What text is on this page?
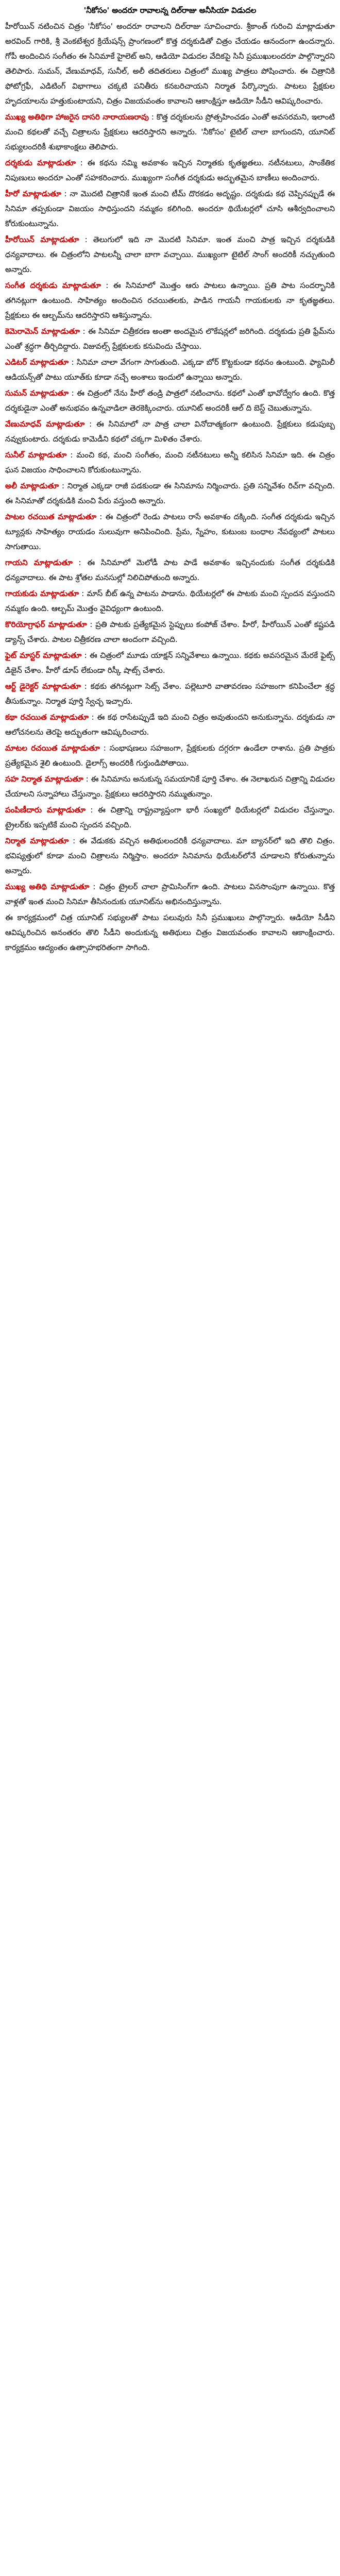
'నీకోసం' అందరూ రావాలన్న దిల్‌రాజు అనీసియా విడుదల

హీరోయిన్ నటించిన చిత్రం 'నీకోసం' అందరూ రావాలని దిల్‌రాజు సూచించారు. శ్రీకాంత్ గురించి మాట్లాడుతూ అరవింద్ గారికి, శ్రీ వెంకటేశ్వర క్రియేషన్స్ ప్రాంగణంలో కొత్త దర్శకుడితో చిత్రం చేయడం ఆనందంగా ఉందన్నారు. గోపీ అందించిన సంగీతం ఈ సినిమాకే హైలెట్ అని, ఆడియో విడుదల వేదికపై సినీ ప్రముఖులందరూ పాల్గొన్నారని తెలిపారు. సుమన్, వేణుమాధవ్, సునీల్, అలీ తదితరులు చిత్రంలో ముఖ్య పాత్రలు పోషించారు. ఈ చిత్రానికి ఫోటోగ్రఫీ, ఎడిటింగ్ విభాగాలు చక్కటి పనితీరు కనబరిచాయని నిర్మాత పేర్కొన్నారు. పాటలు ప్రేక్షకుల హృదయాలను హత్తుకుంటాయని, చిత్రం విజయవంతం కావాలని ఆకాంక్షిస్తూ ఆడియో సీడీని ఆవిష్కరించారు.

ముఖ్య అతిథిగా హాజరైన దాసరి నారాయణరావు : కొత్త దర్శకులను ప్రోత్సహించడం ఎంతో అవసరమని, ఇలాంటి మంచి కథలతో వచ్చే చిత్రాలను ప్రేక్షకులు ఆదరిస్తారని అన్నారు. 'నీకోసం' టైటిల్ చాలా బాగుందని, యూనిట్ సభ్యులందరికీ శుభాకాంక్షలు తెలిపారు.

దర్శకుడు మాట్లాడుతూ : ఈ కథను నమ్మి అవకాశం ఇచ్చిన నిర్మాతకు కృతజ్ఞతలు. నటీనటులు, సాంకేతిక నిపుణులు అందరూ ఎంతో సహకరించారు. ముఖ్యంగా సంగీత దర్శకుడు అద్భుతమైన బాణీలు అందించారు.

హీరో మాట్లాడుతూ : నా మొదటి చిత్రానికే ఇంత మంచి టీమ్ దొరకడం అదృష్టం. దర్శకుడు కథ చెప్పినప్పుడే ఈ సినిమా తప్పకుండా విజయం సాధిస్తుందని నమ్మకం కలిగింది. అందరూ థియేటర్లలో చూసి ఆశీర్వదించాలని కోరుకుంటున్నాను.

హీరోయిన్ మాట్లాడుతూ : తెలుగులో ఇది నా మొదటి సినిమా. ఇంత మంచి పాత్ర ఇచ్చిన దర్శకుడికి ధన్యవాదాలు. ఈ చిత్రంలోని పాటలన్నీ చాలా బాగా వచ్చాయి. ముఖ్యంగా టైటిల్ సాంగ్ అందరికీ నచ్చుతుంది అన్నారు.

సంగీత దర్శకుడు మాట్లాడుతూ : ఈ సినిమాలో మొత్తం ఆరు పాటలు ఉన్నాయి. ప్రతి పాట సందర్భానికి తగినట్లుగా ఉంటుంది. సాహిత్యం అందించిన రచయితలకు, పాడిన గాయనీ గాయకులకు నా కృతజ్ఞతలు. ప్రేక్షకులు ఈ ఆల్బమ్‌ను ఆదరిస్తారని ఆశిస్తున్నాను.

కెమెరామెన్ మాట్లాడుతూ : ఈ సినిమా చిత్రీకరణ అంతా అందమైన లొకేషన్లలో జరిగింది. దర్శకుడు ప్రతి ఫ్రేమ్‌ను ఎంతో శ్రద్ధగా తీర్చిదిద్దారు. విజువల్స్ ప్రేక్షకులకు కనువిందు చేస్తాయి.

ఎడిటర్ మాట్లాడుతూ : సినిమా చాలా వేగంగా సాగుతుంది. ఎక్కడా బోర్ కొట్టకుండా కథనం ఉంటుంది. ఫ్యామిలీ ఆడియన్స్‌తో పాటు యూత్‌కు కూడా నచ్చే అంశాలు ఇందులో ఉన్నాయి అన్నారు.

సుమన్ మాట్లాడుతూ : ఈ చిత్రంలో నేను హీరో తండ్రి పాత్రలో నటించాను. కథలో ఎంతో భావోద్వేగం ఉంది. కొత్త దర్శకుడైనా ఎంతో అనుభవం ఉన్నవాడిలా తెరకెక్కించారు. యూనిట్ అందరికీ ఆల్ ది బెస్ట్ చెబుతున్నాను.

వేణుమాధవ్ మాట్లాడుతూ : ఈ సినిమాలో నా పాత్ర చాలా వినోదాత్మకంగా ఉంటుంది. ప్రేక్షకులు కడుపుబ్బ నవ్వుకుంటారు. దర్శకుడు కామెడీని కథలో చక్కగా మిళితం చేశారు.

సునీల్ మాట్లాడుతూ : మంచి కథ, మంచి సంగీతం, మంచి నటీనటులు అన్నీ కలిసిన సినిమా ఇది. ఈ చిత్రం ఘన విజయం సాధించాలని కోరుకుంటున్నాను.

అలీ మాట్లాడుతూ : నిర్మాత ఎక్కడా రాజీ పడకుండా ఈ సినిమాను నిర్మించారు. ప్రతి సన్నివేశం రిచ్‌గా వచ్చింది. ఈ సినిమాతో దర్శకుడికి మంచి పేరు వస్తుంది అన్నారు.

పాటల రచయిత మాట్లాడుతూ : ఈ చిత్రంలో రెండు పాటలు రాసే అవకాశం దక్కింది. సంగీత దర్శకుడు ఇచ్చిన ట్యూన్లకు సాహిత్యం రాయడం సులువుగా అనిపించింది. ప్రేమ, స్నేహం, కుటుంబ బంధాల నేపథ్యంలో పాటలు సాగుతాయి.

గాయని మాట్లాడుతూ : ఈ సినిమాలో మెలోడీ పాట పాడే అవకాశం ఇచ్చినందుకు సంగీత దర్శకుడికి ధన్యవాదాలు. ఈ పాట శ్రోతల మనసుల్లో నిలిచిపోతుంది అన్నారు.

గాయకుడు మాట్లాడుతూ : మాస్ బీట్ ఉన్న పాటను పాడాను. థియేటర్లలో ఈ పాటకు మంచి స్పందన వస్తుందని నమ్మకం ఉంది. ఆల్బమ్ మొత్తం వైవిధ్యంగా ఉంటుంది.

కొరియోగ్రాఫర్ మాట్లాడుతూ : ప్రతి పాటకు ప్రత్యేకమైన స్టెప్పులు కంపోజ్ చేశాం. హీరో, హీరోయిన్ ఎంతో కష్టపడి డ్యాన్స్ చేశారు. పాటల చిత్రీకరణ చాలా అందంగా వచ్చింది.

ఫైట్ మాస్టర్ మాట్లాడుతూ : ఈ చిత్రంలో మూడు యాక్షన్ సన్నివేశాలు ఉన్నాయి. కథకు అవసరమైన మేరకే ఫైట్స్ డిజైన్ చేశాం. హీరో డూప్ లేకుండా రిస్కీ షాట్స్ చేశారు.

ఆర్ట్ డైరెక్టర్ మాట్లాడుతూ : కథకు తగినట్లుగా సెట్స్ వేశాం. పల్లెటూరి వాతావరణం సహజంగా కనిపించేలా శ్రద్ధ తీసుకున్నాం. నిర్మాత పూర్తి స్వేచ్ఛ ఇచ్చారు.

కథా రచయిత మాట్లాడుతూ : ఈ కథ రాసేటప్పుడే ఇది మంచి చిత్రం అవుతుందని అనుకున్నాను. దర్శకుడు నా ఆలోచనలను తెరపై అద్భుతంగా ఆవిష్కరించారు.

మాటల రచయిత మాట్లాడుతూ : సంభాషణలు సహజంగా, ప్రేక్షకులకు దగ్గరగా ఉండేలా రాశాను. ప్రతి పాత్రకు ప్రత్యేకమైన శైలి ఉంటుంది. డైలాగ్స్ అందరికీ గుర్తుండిపోతాయి.

సహ నిర్మాత మాట్లాడుతూ : ఈ సినిమాను అనుకున్న సమయానికే పూర్తి చేశాం. ఈ నెలాఖరున చిత్రాన్ని విడుదల చేయాలని సన్నాహాలు చేస్తున్నాం. ప్రేక్షకులు ఆదరిస్తారని నమ్ముతున్నాం.

పంపిణీదారు మాట్లాడుతూ : ఈ చిత్రాన్ని రాష్ట్రవ్యాప్తంగా భారీ సంఖ్యలో థియేటర్లలో విడుదల చేస్తున్నాం. ట్రైలర్‌కు ఇప్పటికే మంచి స్పందన వచ్చింది.

నిర్మాత మాట్లాడుతూ : ఈ వేడుకకు వచ్చిన అతిథులందరికీ ధన్యవాదాలు. మా బ్యానర్‌లో ఇది తొలి చిత్రం. భవిష్యత్తులో కూడా మంచి చిత్రాలను నిర్మిస్తాం. అందరూ సినిమాను థియేటర్‌లోనే చూడాలని కోరుతున్నాను అన్నారు.

ముఖ్య అతిథి మాట్లాడుతూ : చిత్రం ట్రైలర్ చాలా ప్రామిసింగ్‌గా ఉంది. పాటలు వినసొంపుగా ఉన్నాయి. కొత్త వాళ్లతో ఇంత మంచి సినిమా తీసినందుకు యూనిట్‌ను అభినందిస్తున్నాను.

ఈ కార్యక్రమంలో చిత్ర యూనిట్ సభ్యులతో పాటు పలువురు సినీ ప్రముఖులు పాల్గొన్నారు. ఆడియో సీడీని ఆవిష్కరించిన అనంతరం తొలి సీడీని అందుకున్న అతిథులు చిత్రం విజయవంతం కావాలని ఆకాంక్షించారు. కార్యక్రమం ఆద్యంతం ఉత్సాహభరితంగా సాగింది.
